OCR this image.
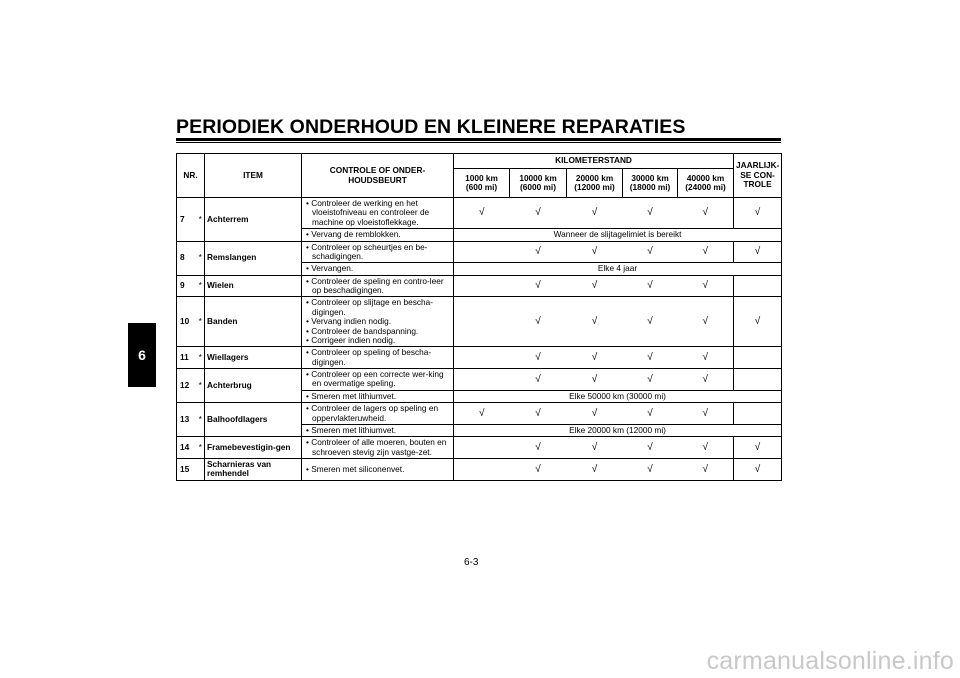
PERIODIEK ONDERHOUD EN KLEINERE REPARATIES
6
NR.		ITEM	CONTROLE OF ONDER-HOUDSBEURT	KILOMETERSTAND					JAARLIJK-SE CON-TROLE
				1000 km (600 mi)	10000 km (6000 mi)	20000 km (12000 mi)	30000 km (18000 mi)	40000 km (24000 mi)	
7	*	Achterrem	• Controleer de werking en het vloeistofniveau en controleer de machine op vloeistoflekkage.	√	√	√	√	√	√

			• Vervang de remblokken.	Wanneer de slijtagelimiet is bereikt					
8	*	Remslangen	• Controleer op scheurtjes en be-schadigingen.		√	√	√	√	√

			• Vervangen.	Elke 4 jaar					
9	*	Wielen	• Controleer de speling en contro-leer op beschadigingen.		√	√	√	√	
10	*	Banden	• Controleer op slijtage en bescha-digingen.
• Vervang indien nodig.
• Controleer de bandspanning.
• Corrigeer indien nodig.		√	√	√	√	√
11	*	Wiellagers	• Controleer op speling of bescha-digingen.		√	√	√	√	
12	*	Achterbrug	• Controleer op een correcte wer-king en overmatige speling.		√	√	√	√	

			• Smeren met lithiumvet.	Elke 50000 km (30000 mi)					
13	*	Balhoofdlagers	• Controleer de lagers op speling en oppervlakteruwheid.	√	√	√	√	√	

			• Smeren met lithiumvet.	Elke 20000 km (12000 mi)					
14	*	Framebevestigin-gen	• Controleer of alle moeren, bouten en schroeven stevig zijn vastge-zet.		√	√	√	√	√
15		Scharnieras van remhendel	• Smeren met siliconenvet.		√	√	√	√	√
6-3
carmanualsonline.info
